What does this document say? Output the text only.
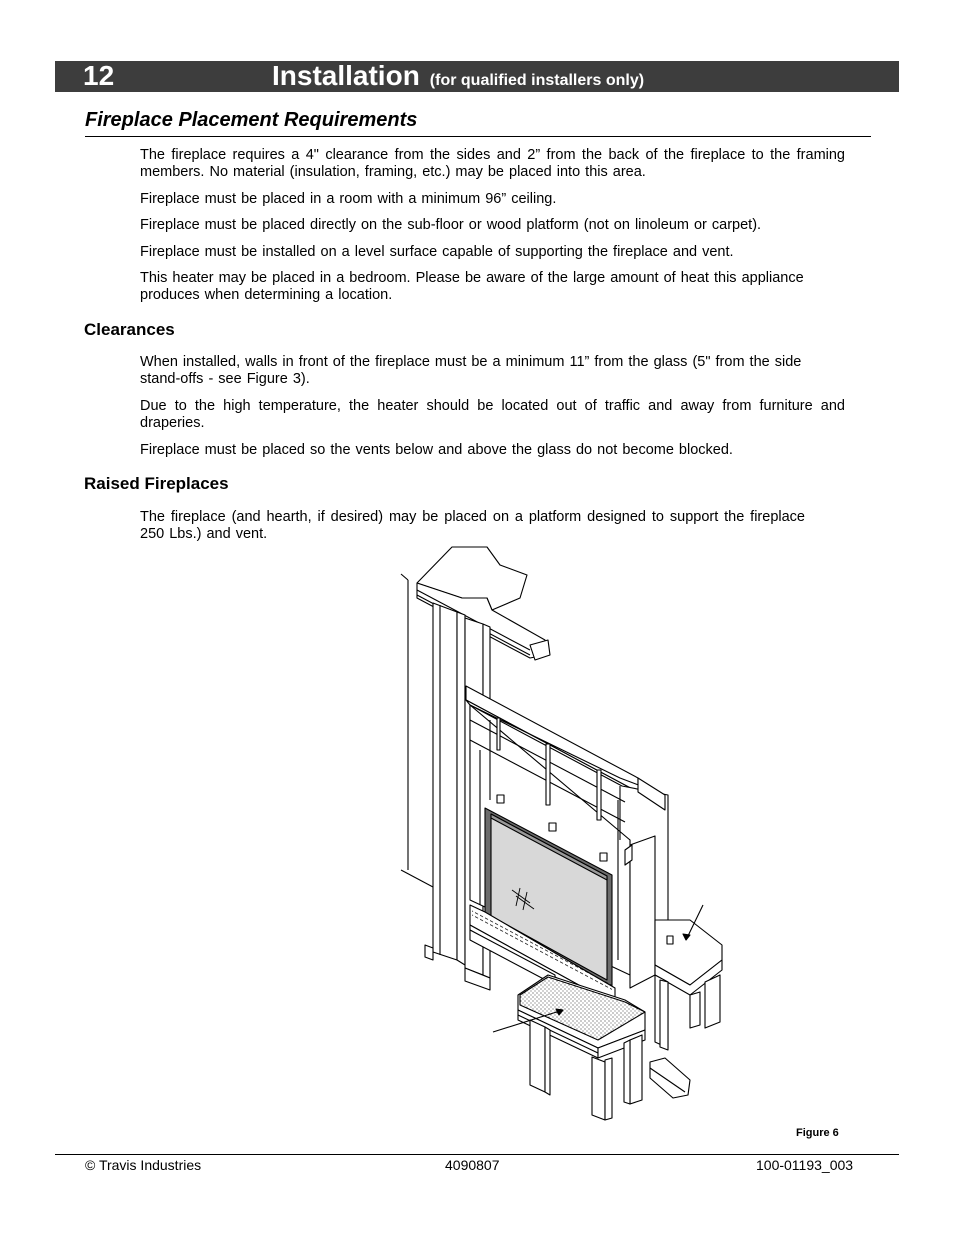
12	Installation (for qualified installers only)
Fireplace Placement Requirements
The fireplace requires a 4" clearance from the sides and 2” from the back of the fireplace to the framing members. No material (insulation, framing, etc.) may be placed into this area.
Fireplace must be placed in a room with a minimum 96” ceiling.
Fireplace must be placed directly on the sub-floor or wood platform (not on linoleum or carpet).
Fireplace must be installed on a level surface capable of supporting the fireplace and vent.
This heater may be placed in a bedroom. Please be aware of the large amount of heat this appliance produces when determining a location.
Clearances
When installed, walls in front of the fireplace must be a minimum 11” from the glass (5" from the side stand-offs - see Figure 3).
Due to the high temperature, the heater should be located out of traffic and away from furniture and draperies.
Fireplace must be placed so the vents below and above the glass do not become blocked.
Raised Fireplaces
The fireplace (and hearth, if desired) may be placed on a platform designed to support the fireplace 250 Lbs.) and vent.
Figure 6
© Travis Industries	4090807	100-01193_003
